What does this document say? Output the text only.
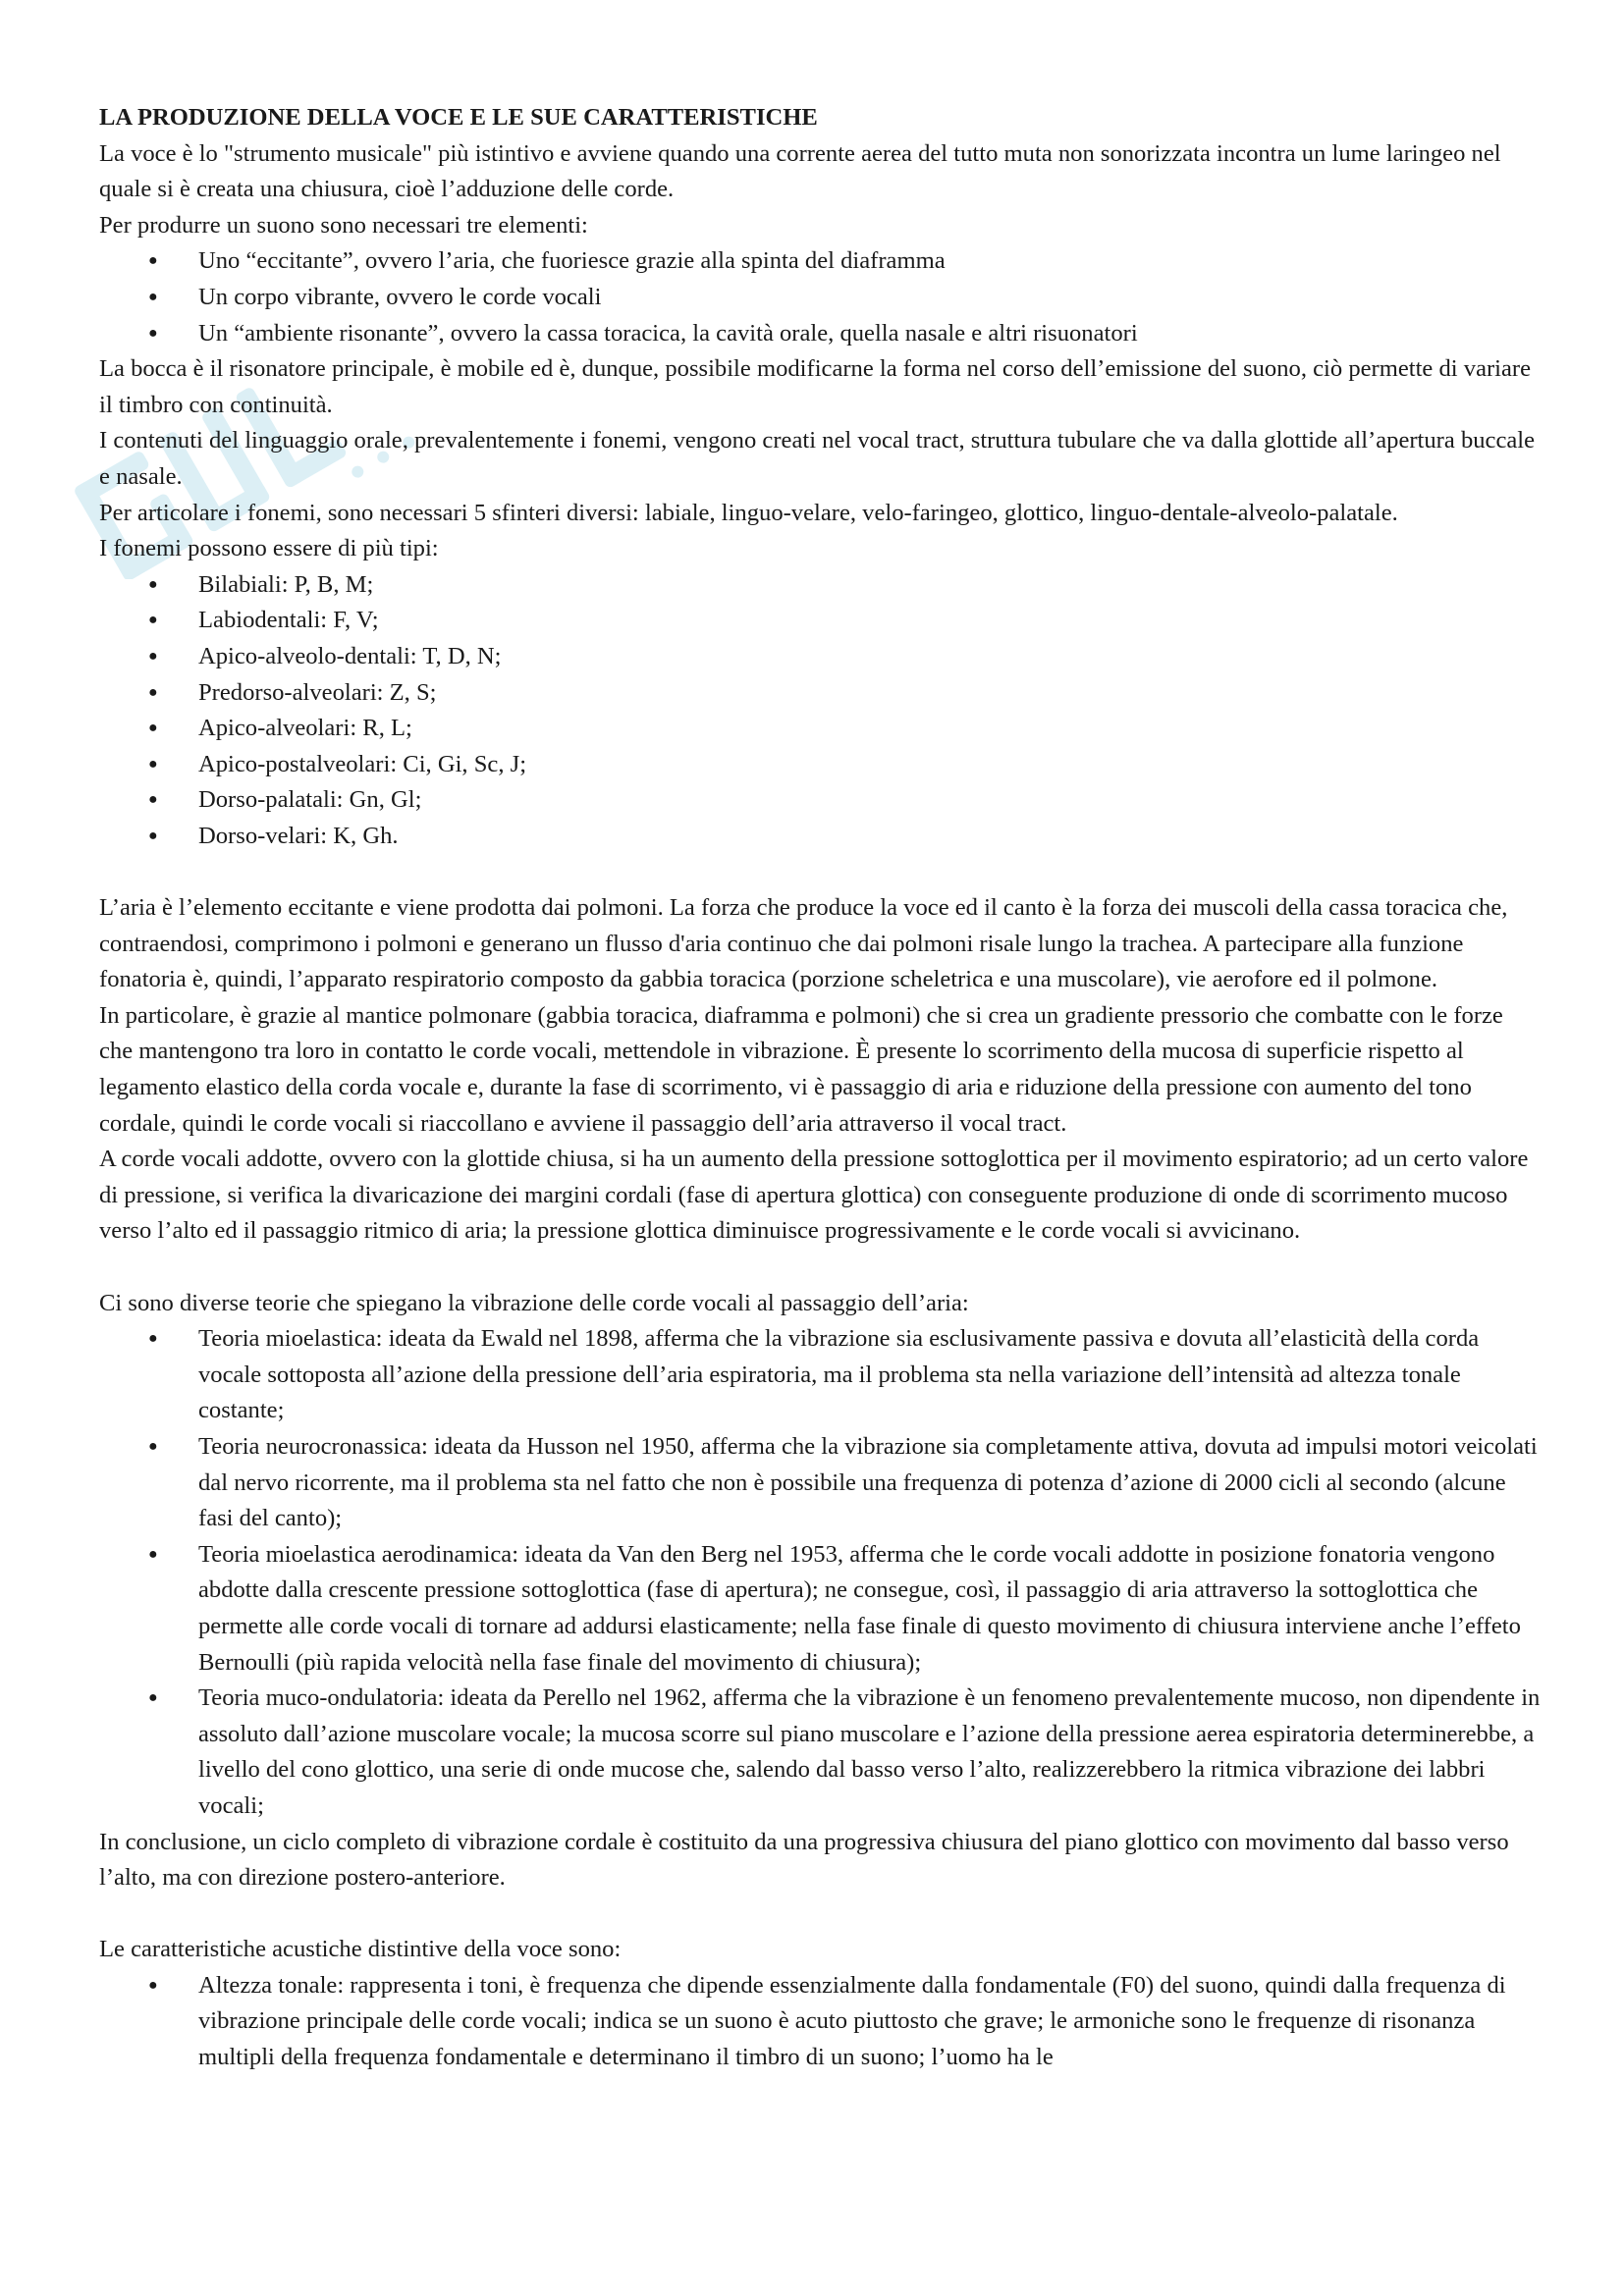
LA PRODUZIONE DELLA VOCE E LE SUE CARATTERISTICHE

La voce è lo "strumento musicale" più istintivo e avviene quando una corrente aerea del tutto muta non sonorizzata incontra un lume laringeo nel quale si è creata una chiusura, cioè l’adduzione delle corde.

Per produrre un suono sono necessari tre elementi:

● Uno “eccitante”, ovvero l’aria, che fuoriesce grazie alla spinta del diaframma
● Un corpo vibrante, ovvero le corde vocali
● Un “ambiente risonante”, ovvero la cassa toracica, la cavità orale, quella nasale e altri risuonatori

La bocca è il risonatore principale, è mobile ed è, dunque, possibile modificarne la forma nel corso dell’emissione del suono, ciò permette di variare il timbro con continuità.

I contenuti del linguaggio orale, prevalentemente i fonemi, vengono creati nel vocal tract, struttura tubulare che va dalla glottide all’apertura buccale e nasale.

Per articolare i fonemi, sono necessari 5 sfinteri diversi: labiale, linguo-velare, velo-faringeo, glottico, linguo-dentale-alveolo-palatale.

I fonemi possono essere di più tipi:

● Bilabiali: P, B, M;
● Labiodentali: F, V;
● Apico-alveolo-dentali: T, D, N;
● Predorso-alveolari: Z, S;
● Apico-alveolari: R, L;
● Apico-postalveolari: Ci, Gi, Sc, J;
● Dorso-palatali: Gn, Gl;
● Dorso-velari: K, Gh.

L’aria è l’elemento eccitante e viene prodotta dai polmoni. La forza che produce la voce ed il canto è la forza dei muscoli della cassa toracica che, contraendosi, comprimono i polmoni e generano un flusso d'aria continuo che dai polmoni risale lungo la trachea. A partecipare alla funzione fonatoria è, quindi, l’apparato respiratorio composto da gabbia toracica (porzione scheletrica e una muscolare), vie aerofore ed il polmone.

In particolare, è grazie al mantice polmonare (gabbia toracica, diaframma e polmoni) che si crea un gradiente pressorio che combatte con le forze che mantengono tra loro in contatto le corde vocali, mettendole in vibrazione. È presente lo scorrimento della mucosa di superficie rispetto al legamento elastico della corda vocale e, durante la fase di scorrimento, vi è passaggio di aria e riduzione della pressione con aumento del tono cordale, quindi le corde vocali si riaccollano e avviene il passaggio dell’aria attraverso il vocal tract.

A corde vocali addotte, ovvero con la glottide chiusa, si ha un aumento della pressione sottoglottica per il movimento espiratorio; ad un certo valore di pressione, si verifica la divaricazione dei margini cordali (fase di apertura glottica) con conseguente produzione di onde di scorrimento mucoso verso l’alto ed il passaggio ritmico di aria; la pressione glottica diminuisce progressivamente e le corde vocali si avvicinano.

Ci sono diverse teorie che spiegano la vibrazione delle corde vocali al passaggio dell’aria:

● Teoria mioelastica: ideata da Ewald nel 1898, afferma che la vibrazione sia esclusivamente passiva e dovuta all’elasticità della corda vocale sottoposta all’azione della pressione dell’aria espiratoria, ma il problema sta nella variazione dell’intensità ad altezza tonale costante;
● Teoria neurocronassica: ideata da Husson nel 1950, afferma che la vibrazione sia completamente attiva, dovuta ad impulsi motori veicolati dal nervo ricorrente, ma il problema sta nel fatto che non è possibile una frequenza di potenza d’azione di 2000 cicli al secondo (alcune fasi del canto);
● Teoria mioelastica aerodinamica: ideata da Van den Berg nel 1953, afferma che le corde vocali addotte in posizione fonatoria vengono abdotte dalla crescente pressione sottoglottica (fase di apertura); ne consegue, così, il passaggio di aria attraverso la sottoglottica che permette alle corde vocali di tornare ad addursi elasticamente; nella fase finale di questo movimento di chiusura interviene anche l’effeto Bernoulli (più rapida velocità nella fase finale del movimento di chiusura);
● Teoria muco-ondulatoria: ideata da Perello nel 1962, afferma che la vibrazione è un fenomeno prevalentemente mucoso, non dipendente in assoluto dall’azione muscolare vocale; la mucosa scorre sul piano muscolare e l’azione della pressione aerea espiratoria determinerebbe, a livello del cono glottico, una serie di onde mucose che, salendo dal basso verso l’alto, realizzerebbero la ritmica vibrazione dei labbri vocali;

In conclusione, un ciclo completo di vibrazione cordale è costituito da una progressiva chiusura del piano glottico con movimento dal basso verso l’alto, ma con direzione postero-anteriore.

Le caratteristiche acustiche distintive della voce sono:

● Altezza tonale: rappresenta i toni, è frequenza che dipende essenzialmente dalla fondamentale (F0) del suono, quindi dalla frequenza di vibrazione principale delle corde vocali; indica se un suono è acuto piuttosto che grave; le armoniche sono le frequenze di risonanza multipli della frequenza fondamentale e determinano il timbro di un suono; l’uomo ha le
